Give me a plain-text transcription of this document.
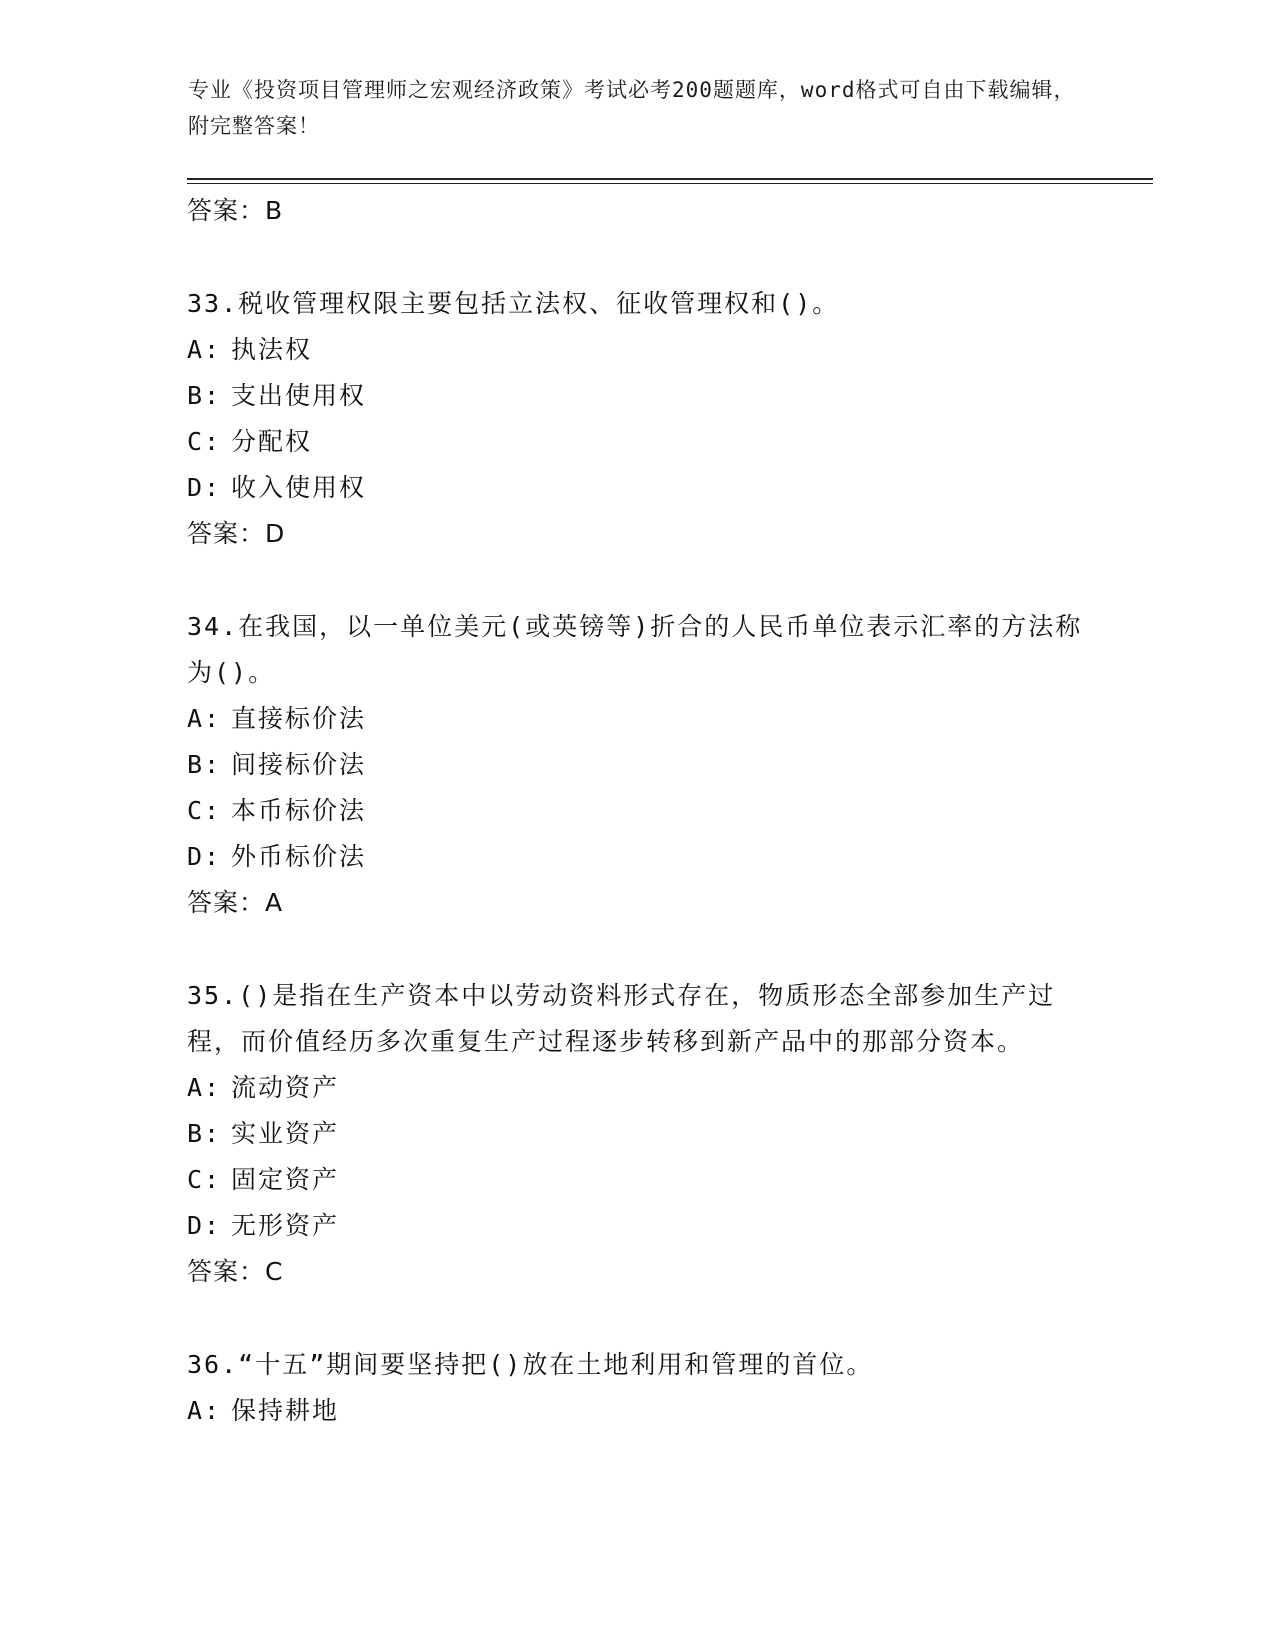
专业《投资项目管理师之宏观经济政策》考试必考200题题库，word格式可自由下载编辑，附完整答案！
答案：B
33.税收管理权限主要包括立法权、征收管理权和()。
A: 执法权
B: 支出使用权
C: 分配权
D: 收入使用权
答案：D
34.在我国，以一单位美元(或英镑等)折合的人民币单位表示汇率的方法称为()。
A: 直接标价法
B: 间接标价法
C: 本币标价法
D: 外币标价法
答案：A
35.()是指在生产资本中以劳动资料形式存在，物质形态全部参加生产过程，而价值经历多次重复生产过程逐步转移到新产品中的那部分资本。
A: 流动资产
B: 实业资产
C: 固定资产
D: 无形资产
答案：C
36.“十五”期间要坚持把()放在土地利用和管理的首位。
A: 保持耕地
